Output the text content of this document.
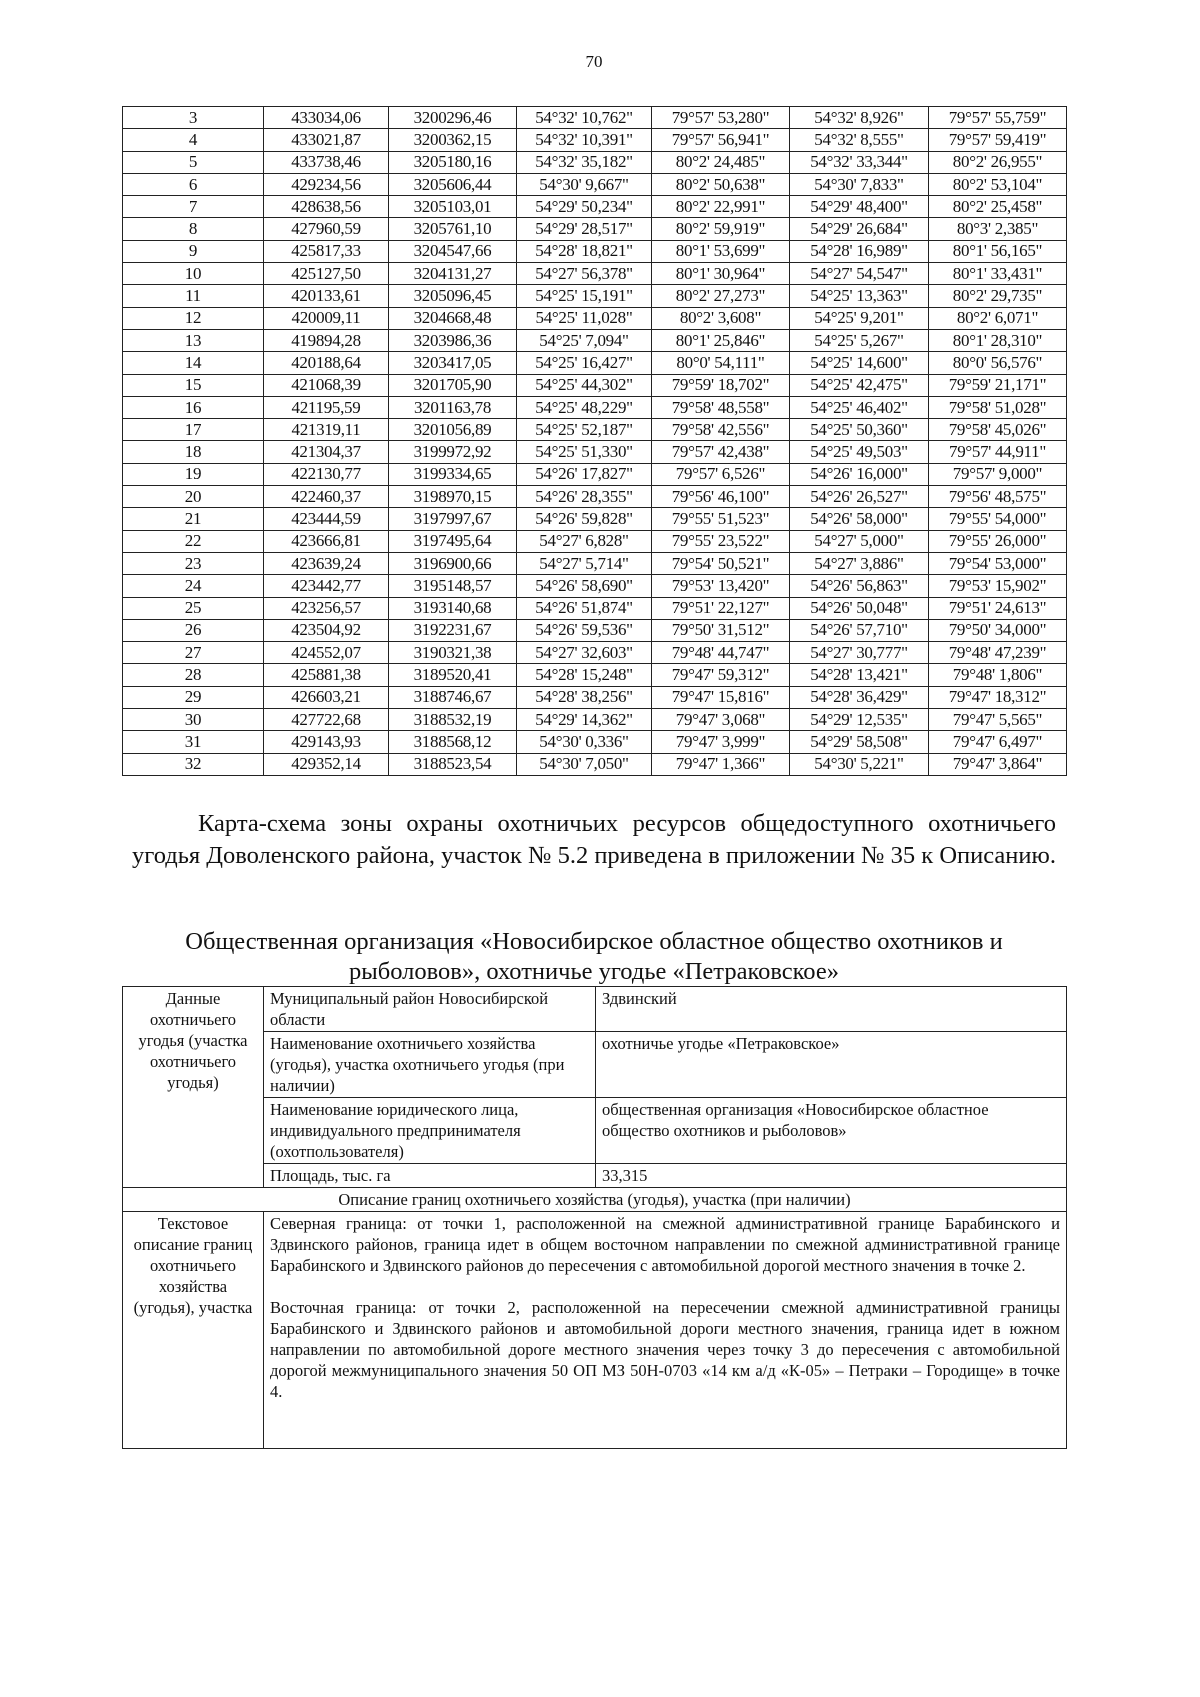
70
3	433034,06	3200296,46	54°32' 10,762"	79°57' 53,280"	54°32' 8,926"	79°57' 55,759"
4	433021,87	3200362,15	54°32' 10,391"	79°57' 56,941"	54°32' 8,555"	79°57' 59,419"
5	433738,46	3205180,16	54°32' 35,182"	80°2' 24,485"	54°32' 33,344"	80°2' 26,955"
6	429234,56	3205606,44	54°30' 9,667"	80°2' 50,638"	54°30' 7,833"	80°2' 53,104"
7	428638,56	3205103,01	54°29' 50,234"	80°2' 22,991"	54°29' 48,400"	80°2' 25,458"
8	427960,59	3205761,10	54°29' 28,517"	80°2' 59,919"	54°29' 26,684"	80°3' 2,385"
9	425817,33	3204547,66	54°28' 18,821"	80°1' 53,699"	54°28' 16,989"	80°1' 56,165"
10	425127,50	3204131,27	54°27' 56,378"	80°1' 30,964"	54°27' 54,547"	80°1' 33,431"
11	420133,61	3205096,45	54°25' 15,191"	80°2' 27,273"	54°25' 13,363"	80°2' 29,735"
12	420009,11	3204668,48	54°25' 11,028"	80°2' 3,608"	54°25' 9,201"	80°2' 6,071"
13	419894,28	3203986,36	54°25' 7,094"	80°1' 25,846"	54°25' 5,267"	80°1' 28,310"
14	420188,64	3203417,05	54°25' 16,427"	80°0' 54,111"	54°25' 14,600"	80°0' 56,576"
15	421068,39	3201705,90	54°25' 44,302"	79°59' 18,702"	54°25' 42,475"	79°59' 21,171"
16	421195,59	3201163,78	54°25' 48,229"	79°58' 48,558"	54°25' 46,402"	79°58' 51,028"
17	421319,11	3201056,89	54°25' 52,187"	79°58' 42,556"	54°25' 50,360"	79°58' 45,026"
18	421304,37	3199972,92	54°25' 51,330"	79°57' 42,438"	54°25' 49,503"	79°57' 44,911"
19	422130,77	3199334,65	54°26' 17,827"	79°57' 6,526"	54°26' 16,000"	79°57' 9,000"
20	422460,37	3198970,15	54°26' 28,355"	79°56' 46,100"	54°26' 26,527"	79°56' 48,575"
21	423444,59	3197997,67	54°26' 59,828"	79°55' 51,523"	54°26' 58,000"	79°55' 54,000"
22	423666,81	3197495,64	54°27' 6,828"	79°55' 23,522"	54°27' 5,000"	79°55' 26,000"
23	423639,24	3196900,66	54°27' 5,714"	79°54' 50,521"	54°27' 3,886"	79°54' 53,000"
24	423442,77	3195148,57	54°26' 58,690"	79°53' 13,420"	54°26' 56,863"	79°53' 15,902"
25	423256,57	3193140,68	54°26' 51,874"	79°51' 22,127"	54°26' 50,048"	79°51' 24,613"
26	423504,92	3192231,67	54°26' 59,536"	79°50' 31,512"	54°26' 57,710"	79°50' 34,000"
27	424552,07	3190321,38	54°27' 32,603"	79°48' 44,747"	54°27' 30,777"	79°48' 47,239"
28	425881,38	3189520,41	54°28' 15,248"	79°47' 59,312"	54°28' 13,421"	79°48' 1,806"
29	426603,21	3188746,67	54°28' 38,256"	79°47' 15,816"	54°28' 36,429"	79°47' 18,312"
30	427722,68	3188532,19	54°29' 14,362"	79°47' 3,068"	54°29' 12,535"	79°47' 5,565"
31	429143,93	3188568,12	54°30' 0,336"	79°47' 3,999"	54°29' 58,508"	79°47' 6,497"
32	429352,14	3188523,54	54°30' 7,050"	79°47' 1,366"	54°30' 5,221"	79°47' 3,864"
Карта-схема зоны охраны охотничьих ресурсов общедоступного охотничьего угодья Доволенского района, участок № 5.2 приведена в приложении № 35 к Описанию.
Общественная организация «Новосибирское областное общество охотников и рыболовов», охотничье угодье «Петраковское»
Данные охотничьего угодья (участка охотничьего угодья)	Муниципальный район Новосибирской области	Здвинский
	Наименование охотничьего хозяйства (угодья), участка охотничьего угодья (при наличии)	охотничье угодье «Петраковское»
	Наименование юридического лица, индивидуального предпринимателя (охотпользователя)	общественная организация «Новосибирское областное общество охотников и рыболовов»
	Площадь, тыс. га	33,315
Описание границ охотничьего хозяйства (угодья), участка (при наличии)		
Текстовое описание границ охотничьего хозяйства (угодья), участка	Северная граница: от точки 1, расположенной на смежной административной границе Барабинского и Здвинского районов, граница идет в общем восточном направлении по смежной административной границе Барабинского и Здвинского районов до пересечения с автомобильной дорогой местного значения в точке 2.
Восточная граница: от точки 2, расположенной на пересечении смежной административной границы Барабинского и Здвинского районов и автомобильной дороги местного значения, граница идет в южном направлении по автомобильной дороге местного значения через точку 3 до пересечения с автомобильной дорогой межмуниципального значения 50 ОП МЗ 50Н-0703 «14 км а/д «К-05» – Петраки – Городище» в точке 4.	
